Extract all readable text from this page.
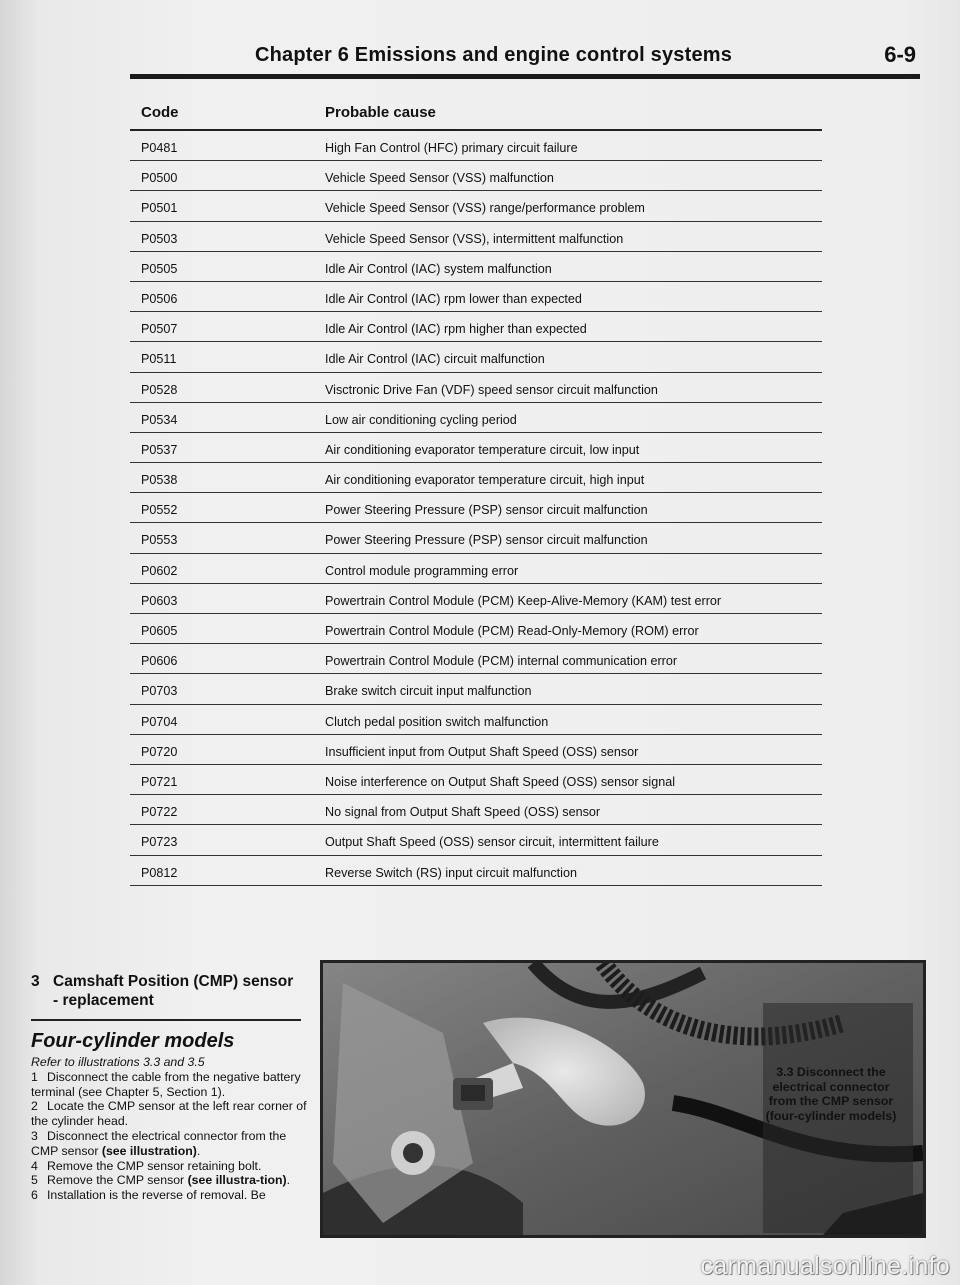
Chapter 6 Emissions and engine control systems	6-9
Code	Probable cause
P0481	High Fan Control (HFC) primary circuit failure
P0500	Vehicle Speed Sensor (VSS) malfunction
P0501	Vehicle Speed Sensor (VSS) range/performance problem
P0503	Vehicle Speed Sensor (VSS), intermittent malfunction
P0505	Idle Air Control (IAC) system malfunction
P0506	Idle Air Control (IAC) rpm lower than expected
P0507	Idle Air Control (IAC) rpm higher than expected
P0511	Idle Air Control (IAC) circuit malfunction
P0528	Visctronic Drive Fan (VDF) speed sensor circuit malfunction
P0534	Low air conditioning cycling period
P0537	Air conditioning evaporator temperature circuit, low input
P0538	Air conditioning evaporator temperature circuit, high input
P0552	Power Steering Pressure (PSP) sensor circuit malfunction
P0553	Power Steering Pressure (PSP) sensor circuit malfunction
P0602	Control module programming error
P0603	Powertrain Control Module (PCM) Keep-Alive-Memory (KAM) test error
P0605	Powertrain Control Module (PCM) Read-Only-Memory (ROM) error
P0606	Powertrain Control Module (PCM) internal communication error
P0703	Brake switch circuit input malfunction
P0704	Clutch pedal position switch malfunction
P0720	Insufficient input from Output Shaft Speed (OSS) sensor
P0721	Noise interference on Output Shaft Speed (OSS) sensor signal
P0722	No signal from Output Shaft Speed (OSS) sensor
P0723	Output Shaft Speed (OSS) sensor circuit, intermittent failure
P0812	Reverse Switch (RS) input circuit malfunction
3 Camshaft Position (CMP) sensor
- replacement
Four-cylinder models

Refer to illustrations 3.3 and 3.5

1 Disconnect the cable from the negative battery terminal (see Chapter 5, Section 1).

2 Locate the CMP sensor at the left rear corner of the cylinder head.

3 Disconnect the electrical connector from the CMP sensor (see illustration).

4 Remove the CMP sensor retaining bolt.

5 Remove the CMP sensor (see illustra-tion).

6 Installation is the reverse of removal. Be

3.3 Disconnect the
electrical connector
from the CMP sensor
(four-cylinder models)
carmanualsonline.info
